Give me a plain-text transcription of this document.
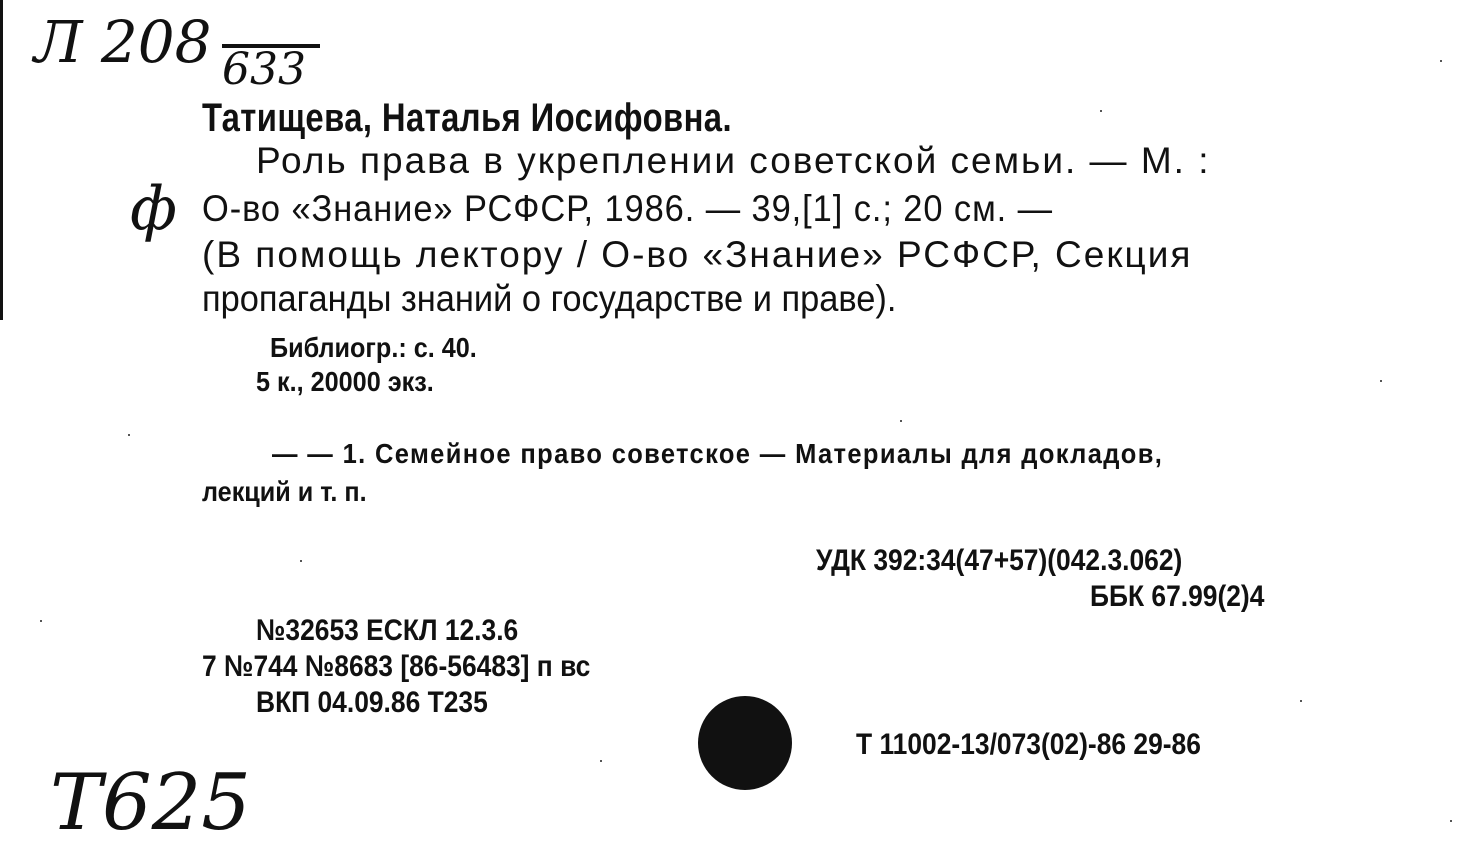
Л 208 633
ф
Т625
Татищева, Наталья Иосифовна.
Роль права в укреплении советской семьи. — М. :
О-во «Знание» РСФСР, 1986. — 39,[1] с.; 20 см. —
(В помощь лектору / О-во «Знание» РСФСР, Секция
пропаганды знаний о государстве и праве).
Библиогр.: с. 40.
5 к., 20000 экз.
— — 1. Семейное право советское — Материалы для докладов,
лекций и т. п.
УДК 392:34(47+57)(042.3.062)
ББК 67.99(2)4
№32653 ЕСКЛ 12.3.6
7 №744 №8683 [86-56483] п вс
ВКП 04.09.86 Т235
Т 11002-13/073(02)-86 29-86
